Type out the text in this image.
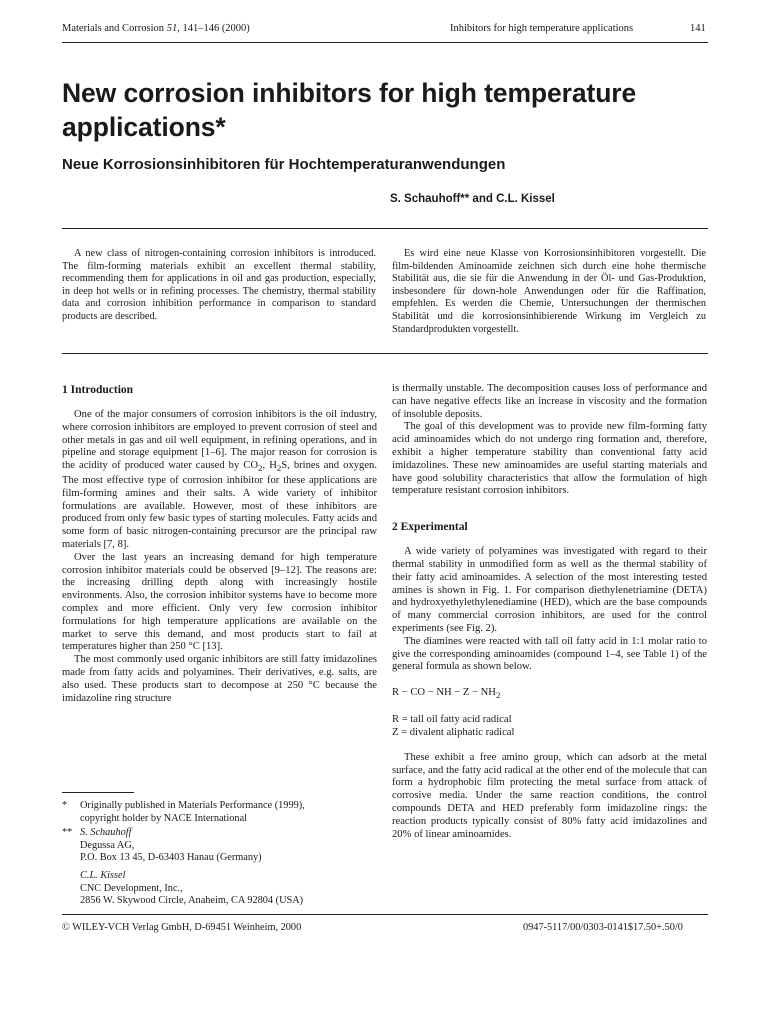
Materials and Corrosion 51, 141–146 (2000)	Inhibitors for high temperature applications	141
New corrosion inhibitors for high temperature applications*
Neue Korrosionsinhibitoren für Hochtemperaturanwendungen
S. Schauhoff** and C.L. Kissel
A new class of nitrogen-containing corrosion inhibitors is introduced. The film-forming materials exhibit an excellent thermal stability, recommending them for applications in oil and gas production, especially, in deep hot wells or in refining processes. The chemistry, thermal stability data and corrosion inhibition performance in comparison to standard products are described.
Es wird eine neue Klasse von Korrosionsinhibitoren vorgestellt. Die film-bildenden Aminoamide zeichnen sich durch eine hohe thermische Stabilität aus, die sie für die Anwendung in der Öl- und Gas-Produktion, insbesondere für down-hole Anwendungen oder für die Raffination, empfehlen. Es werden die Chemie, Untersuchungen der thermischen Stabilität und die korrosionsinhibierende Wirkung im Vergleich zu Standardprodukten vorgestellt.
1 Introduction

One of the major consumers of corrosion inhibitors is the oil industry, where corrosion inhibitors are employed to prevent corrosion of steel and other metals in gas and oil well equipment, in refining operations, and in pipeline and storage equipment [1–6]. The major reason for corrosion is the acidity of produced water caused by $CO_2$, $H_2S$, brines and oxygen. The most effective type of corrosion inhibitor for these applications are film-forming amines and their salts. A wide variety of inhibitor formulations are available. However, most of these inhibitors are produced from only few basic types of starting molecules. Fatty acids and some form of basic nitrogen-containing precursor are the principal raw materials [7, 8].

Over the last years an increasing demand for high temperature corrosion inhibitor materials could be observed [9–12]. The reasons are: the increasing drilling depth along with increasingly hostile environments. Also, the corrosion inhibitor systems have to become more complex and more efficient. Only very few corrosion inhibitor formulations for high temperature applications are available on the market to serve this demand, and most products start to fail at temperatures higher than 250 °C [13].

The most commonly used organic inhibitors are still fatty imidazolines made from fatty acids and polyamines. Their derivatives, e.g. salts, are also used. These products start to decompose at 250 °C because the imidazoline ring structure

*	Originally published in Materials Performance (1999),
copyright holder by NACE International
** S. Schauhoff
Degussa AG,
P.O. Box 13 45, D-63403 Hanau (Germany)

C.L. Kissel
CNC Development, Inc.,
2856 W. Skywood Circle, Anaheim, CA 92804 (USA)

is thermally unstable. The decomposition causes loss of performance and can have negative effects like an increase in viscosity and the formation of insoluble deposits.

The goal of this development was to provide new film-forming fatty acid aminoamides which do not undergo ring formation and, therefore, exhibit a higher temperature stability than conventional fatty acid imidazolines. These new aminoamides are useful starting materials and have good solubility characteristics that allow the formulation of high temperature resistant corrosion inhibitors.

2 Experimental

A wide variety of polyamines was investigated with regard to their thermal stability in unmodified form as well as the thermal stability of their fatty acid aminoamides. A selection of the most interesting tested amines is shown in Fig. 1. For comparison diethylenetriamine (DETA) and hydroxyethylethylenediamine (HED), which are the base compounds of many commercial corrosion inhibitors, are used for the control experiments (see Fig. 2).

The diamines were reacted with tall oil fatty acid in 1:1 molar ratio to give the corresponding aminoamides (compound 1–4, see Table 1) of the general formula as shown below.

R − CO − NH − $Z - NH_2$
R = tall oil fatty acid radical
Z = divalent aliphatic radical

These exhibit a free amino group, which can adsorb at the metal surface, and the fatty acid radical at the other end of the molecule that can form a hydrophobic film protecting the metal surface from attack of corrosive media. Under the same reaction conditions, the control compounds DETA and HED preferably form imidazoline rings: the reaction products typically consist of 80% fatty acid imidazolines and 20% of linear aminoamides.

© WILEY-VCH Verlag GmbH, D-69451 Weinheim, 2000	0947-5117/00/0303-0141$17.50+.50/0
